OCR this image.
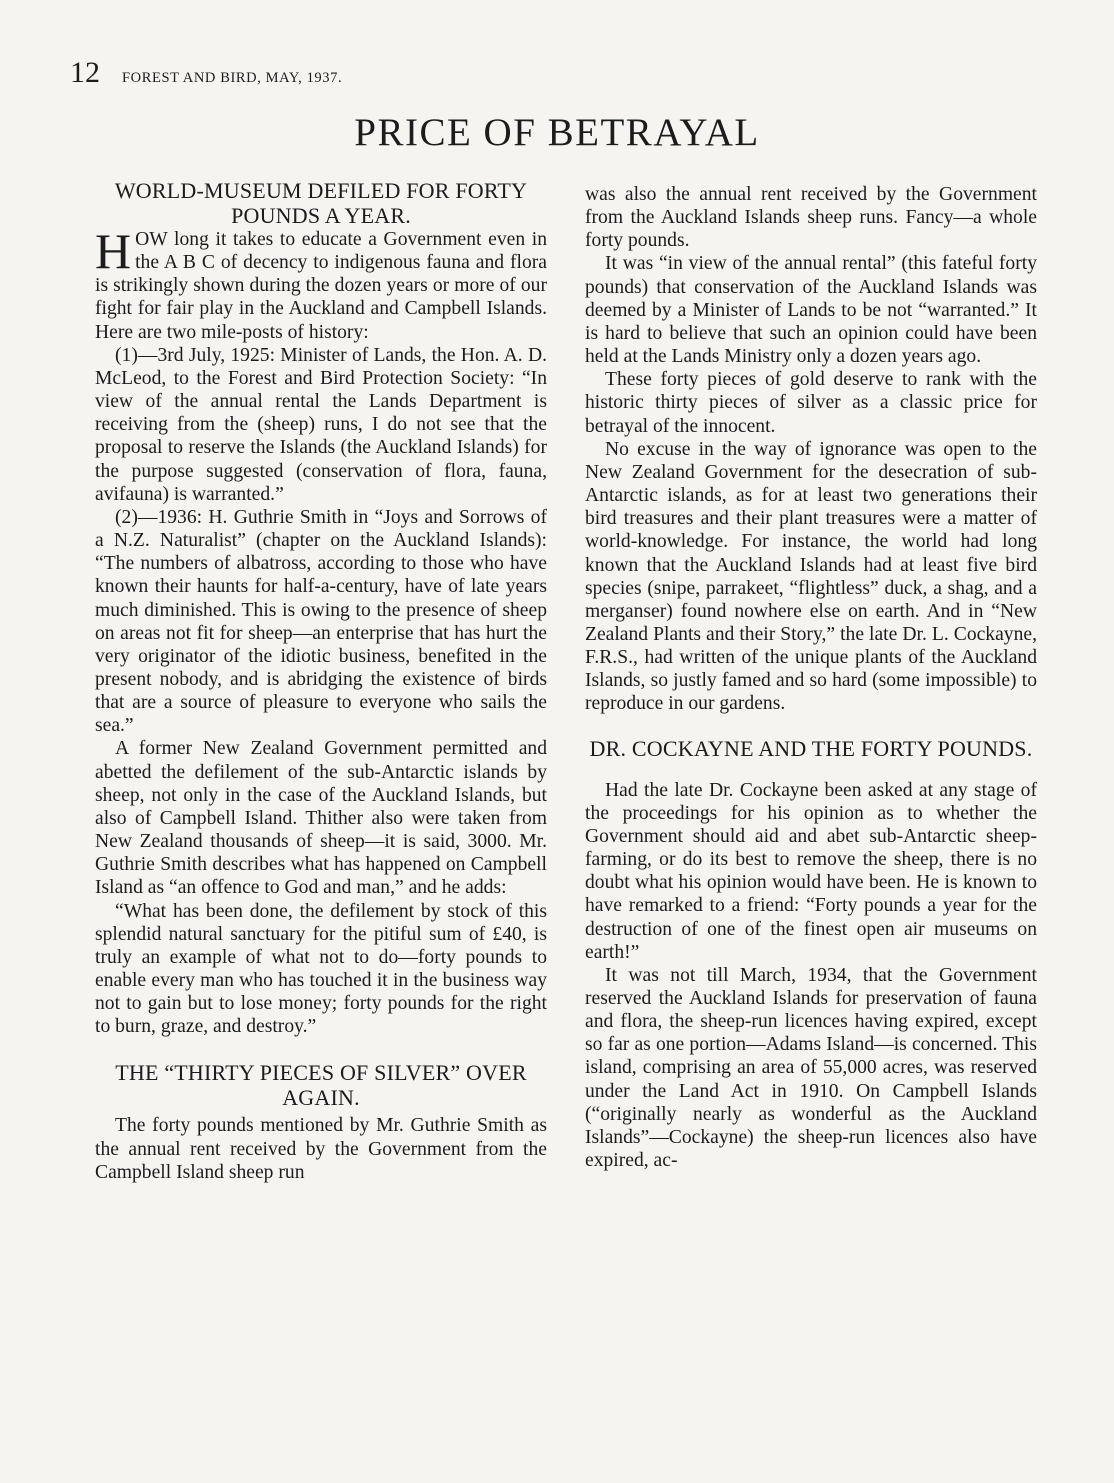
12 FOREST AND BIRD, MAY, 1937.
PRICE OF BETRAYAL
WORLD-MUSEUM DEFILED FOR FORTY POUNDS A YEAR.

HOW long it takes to educate a Government even in the A B C of decency to indigenous fauna and flora is strikingly shown during the dozen years or more of our fight for fair play in the Auckland and Campbell Islands. Here are two mile-posts of history:

(1)—3rd July, 1925: Minister of Lands, the Hon. A. D. McLeod, to the Forest and Bird Protection Society: “In view of the annual rental the Lands Department is receiving from the (sheep) runs, I do not see that the proposal to reserve the Islands (the Auckland Islands) for the purpose suggested (conservation of flora, fauna, avifauna) is warranted.”

(2)—1936: H. Guthrie Smith in “Joys and Sorrows of a N.Z. Naturalist” (chapter on the Auckland Islands): “The numbers of albatross, according to those who have known their haunts for half-a-century, have of late years much diminished. This is owing to the presence of sheep on areas not fit for sheep—an enterprise that has hurt the very originator of the idiotic business, benefited in the present nobody, and is abridging the existence of birds that are a source of pleasure to everyone who sails the sea.”

A former New Zealand Government permitted and abetted the defilement of the sub-Antarctic islands by sheep, not only in the case of the Auckland Islands, but also of Campbell Island. Thither also were taken from New Zealand thousands of sheep—it is said, 3000. Mr. Guthrie Smith describes what has happened on Campbell Island as “an offence to God and man,” and he adds:

“What has been done, the defilement by stock of this splendid natural sanctuary for the pitiful sum of £40, is truly an example of what not to do—forty pounds to enable every man who has touched it in the business way not to gain but to lose money; forty pounds for the right to burn, graze, and destroy.”

THE “THIRTY PIECES OF SILVER” OVER AGAIN.

The forty pounds mentioned by Mr. Guthrie Smith as the annual rent received by the Government from the Campbell Island sheep run

was also the annual rent received by the Government from the Auckland Islands sheep runs. Fancy—a whole forty pounds.

It was “in view of the annual rental” (this fateful forty pounds) that conservation of the Auckland Islands was deemed by a Minister of Lands to be not “warranted.” It is hard to believe that such an opinion could have been held at the Lands Ministry only a dozen years ago.

These forty pieces of gold deserve to rank with the historic thirty pieces of silver as a classic price for betrayal of the innocent.

No excuse in the way of ignorance was open to the New Zealand Government for the desecration of sub-Antarctic islands, as for at least two generations their bird treasures and their plant treasures were a matter of world-knowledge. For instance, the world had long known that the Auckland Islands had at least five bird species (snipe, parrakeet, “flightless” duck, a shag, and a merganser) found nowhere else on earth. And in “New Zealand Plants and their Story,” the late Dr. L. Cockayne, F.R.S., had written of the unique plants of the Auckland Islands, so justly famed and so hard (some impossible) to reproduce in our gardens.

DR. COCKAYNE AND THE FORTY POUNDS.

Had the late Dr. Cockayne been asked at any stage of the proceedings for his opinion as to whether the Government should aid and abet sub-Antarctic sheep-farming, or do its best to remove the sheep, there is no doubt what his opinion would have been. He is known to have remarked to a friend: “Forty pounds a year for the destruction of one of the finest open air museums on earth!”

It was not till March, 1934, that the Government reserved the Auckland Islands for preservation of fauna and flora, the sheep-run licences having expired, except so far as one portion—Adams Island—is concerned. This island, comprising an area of 55,000 acres, was reserved under the Land Act in 1910. On Campbell Islands (“originally nearly as wonderful as the Auckland Islands”—Cockayne) the sheep-run licences also have expired, ac-
